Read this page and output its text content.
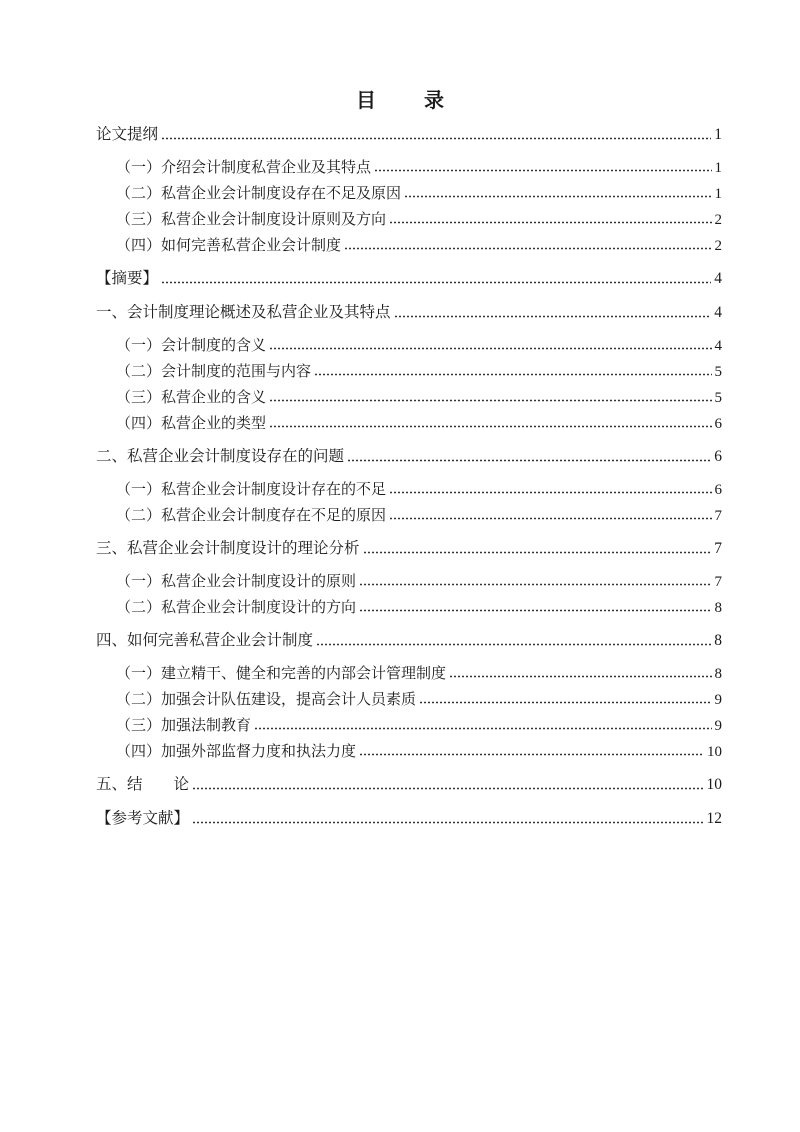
目　录
论文提纲	1
（一）介绍会计制度私营企业及其特点	1
（二）私营企业会计制度设存在不足及原因	1
（三）私营企业会计制度设计原则及方向	2
（四）如何完善私营企业会计制度	2
【摘要】	4
一、会计制度理论概述及私营企业及其特点	4
（一）会计制度的含义	4
（二）会计制度的范围与内容	5
（三）私营企业的含义	5
（四）私营企业的类型	6
二、私营企业会计制度设存在的问题	6
（一）私营企业会计制度设计存在的不足	6
（二）私营企业会计制度存在不足的原因	7
三、私营企业会计制度设计的理论分析	7
（一）私营企业会计制度设计的原则	7
（二）私营企业会计制度设计的方向	8
四、如何完善私营企业会计制度	8
（一）建立精干、健全和完善的内部会计管理制度	8
（二）加强会计队伍建设，提高会计人员素质	9
（三）加强法制教育	9
（四）加强外部监督力度和执法力度	10
五、结　　论	10
【参考文献】	12
